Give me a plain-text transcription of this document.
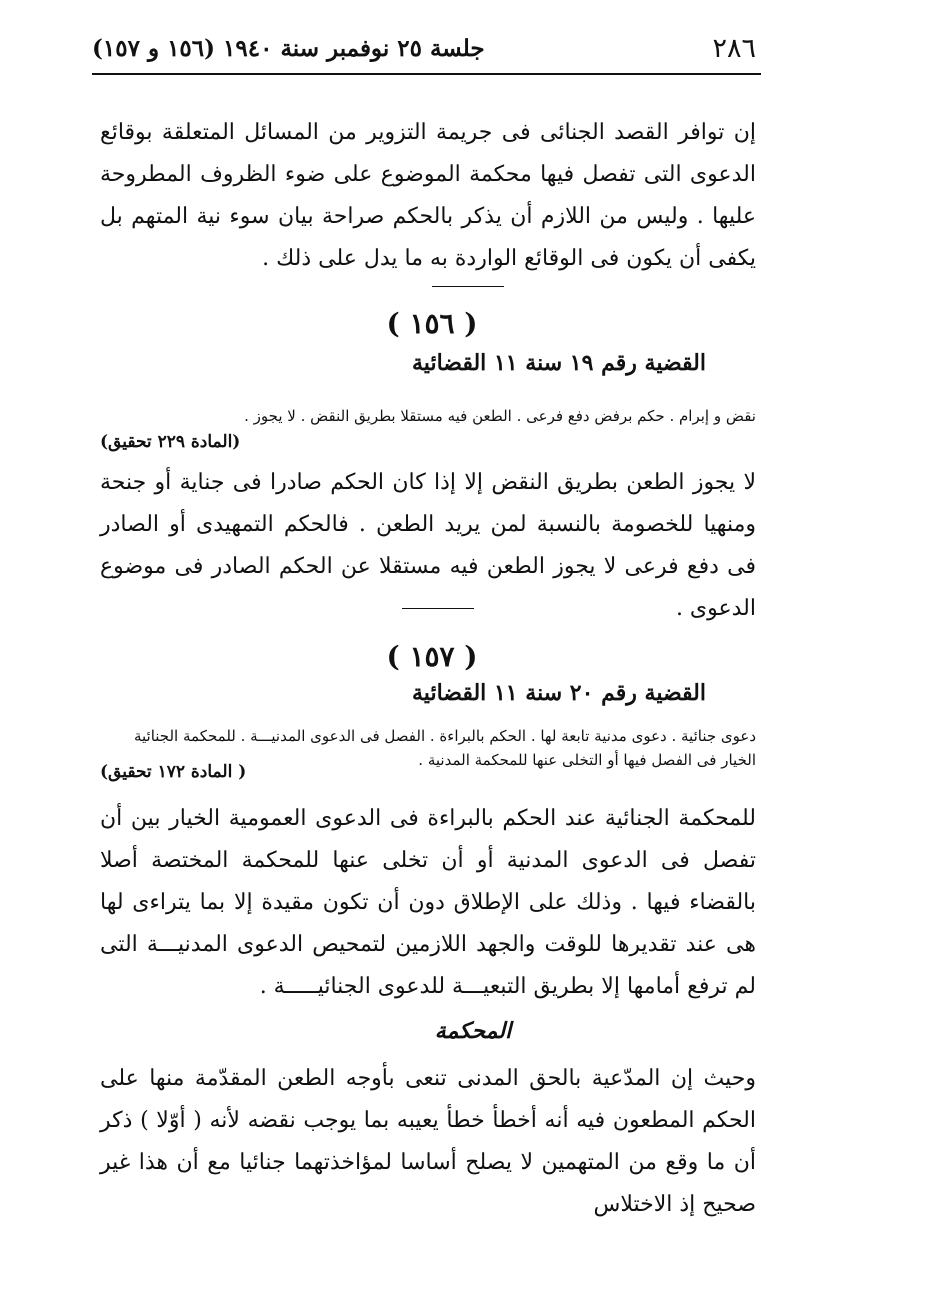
٢٨٦
جلسة ٢٥ نوفمبر سنة ١٩٤٠ (١٥٦ و ١٥٧)

إن توافر القصد الجنائى فى جريمة التزوير من المسائل المتعلقة بوقائع الدعوى التى تفصل فيها محكمة الموضوع على ضوء الظروف المطروحة عليها . وليس من اللازم أن يذكر بالحكم صراحة بيان سوء نية المتهم بل يكفى أن يكون فى الوقائع الواردة به ما يدل على ذلك .

( ١٥٦ )
القضية رقم ١٩ سنة ١١ القضائية
نقض و إبرام . حكم برفض دفع فرعى . الطعن فيه مستقلا بطريق النقض . لا يجوز .
(المادة ٢٢٩ تحقيق)

لا يجوز الطعن بطريق النقض إلا إذا كان الحكم صادرا فى جناية أو جنحة ومنهيا للخصومة بالنسبة لمن يريد الطعن . فالحكم التمهيدى أو الصادر فى دفع فرعى لا يجوز الطعن فيه مستقلا عن الحكم الصادر فى موضوع الدعوى .

( ١٥٧ )
القضية رقم ٢٠ سنة ١١ القضائية
دعوى جنائية . دعوى مدنية تابعة لها . الحكم بالبراءة . الفصل فى الدعوى المدنيـــة . للمحكمة الجنائية الخيار فى الفصل فيها أو التخلى عنها للمحكمة المدنية .
( المادة ١٧٢ تحقيق)

للمحكمة الجنائية عند الحكم بالبراءة فى الدعوى العمومية الخيار بين أن تفصل فى الدعوى المدنية أو أن تخلى عنها للمحكمة المختصة أصلا بالقضاء فيها . وذلك على الإطلاق دون أن تكون مقيدة إلا بما يتراءى لها هى عند تقديرها للوقت والجهد اللازمين لتمحيص الدعوى المدنيـــة التى لم ترفع أمامها إلا بطريق التبعيـــة للدعوى الجنائيـــــة .

المحكمة

وحيث إن المدّعية بالحق المدنى تنعى بأوجه الطعن المقدّمة منها على الحكم المطعون فيه أنه أخطأ خطأ يعيبه بما يوجب نقضه لأنه ( أوّلا ) ذكر أن ما وقع من المتهمين لا يصلح أساسا لمؤاخذتهما جنائيا مع أن هذا غير صحيح إذ الاختلاس
